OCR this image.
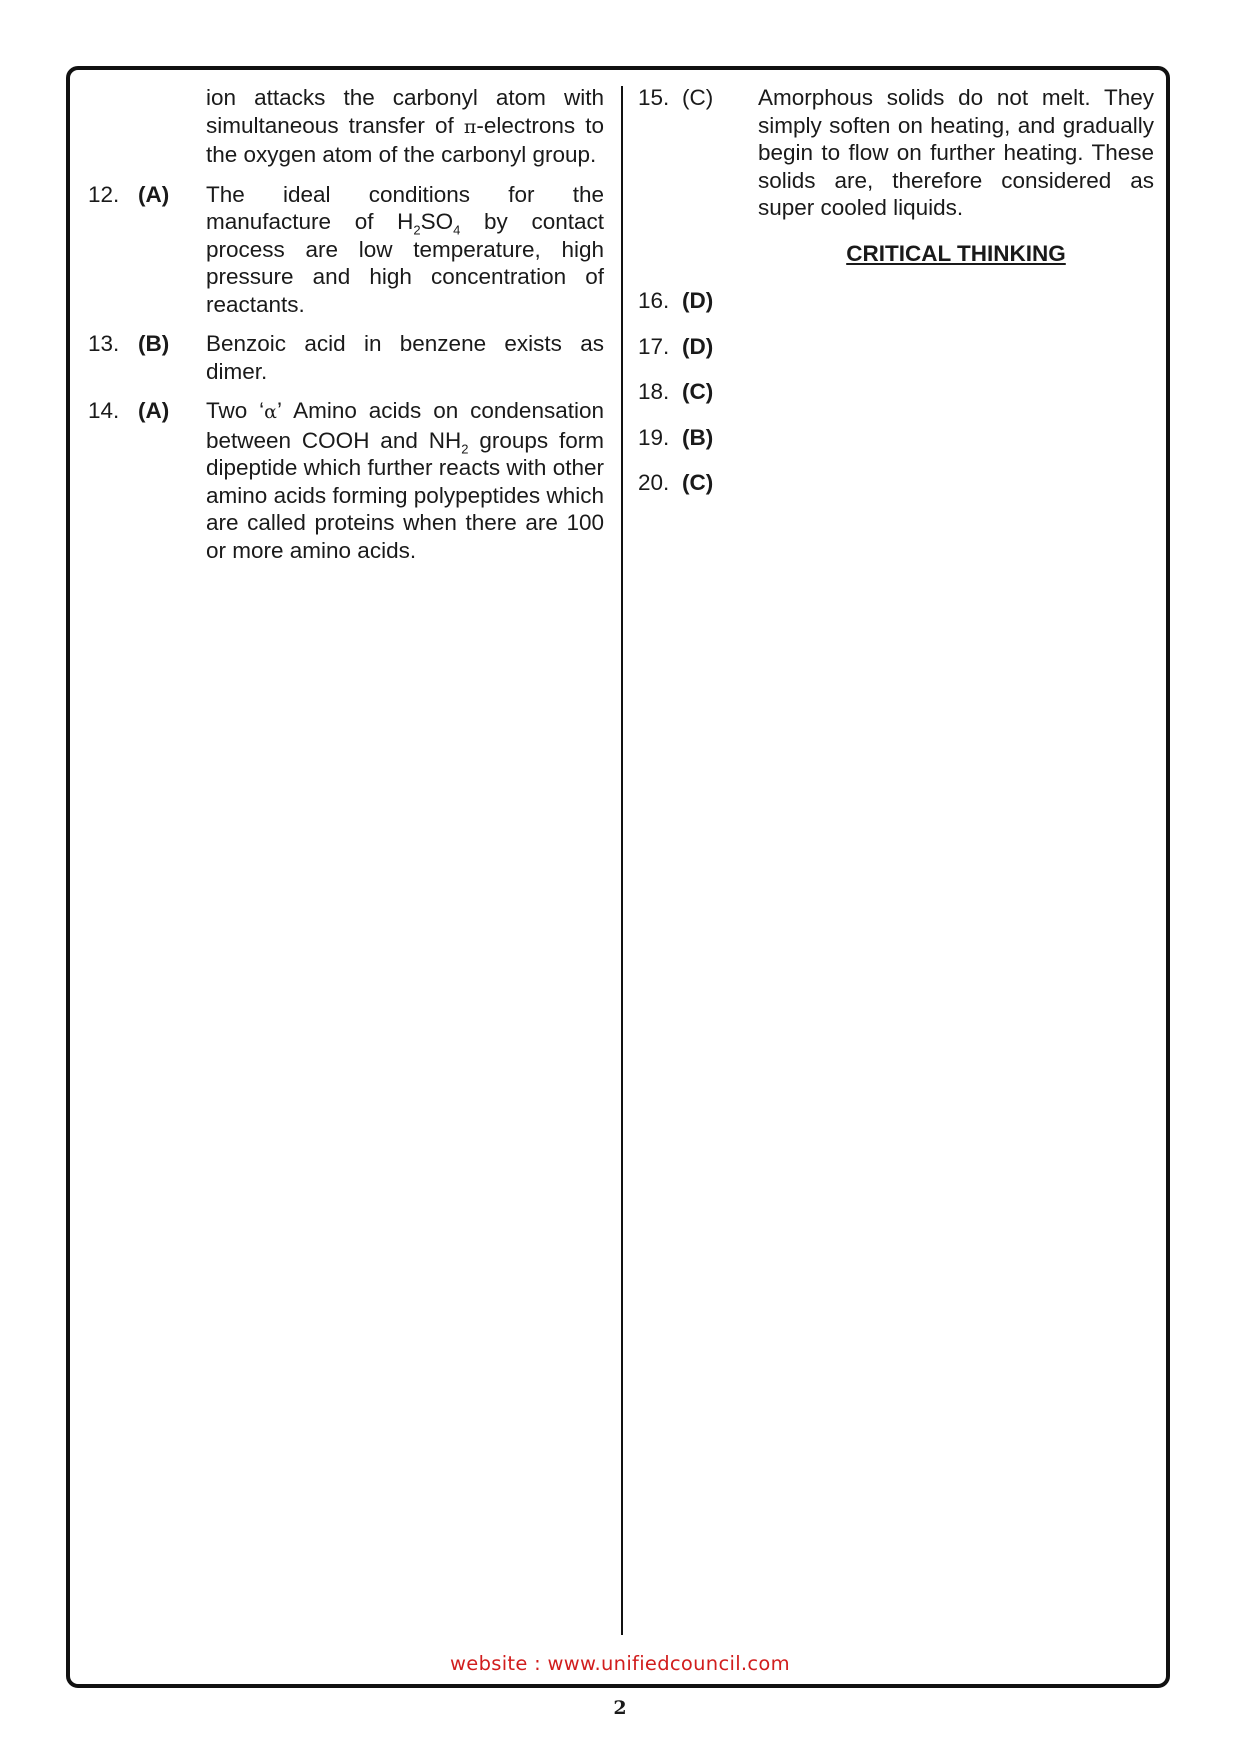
ion attacks the carbonyl atom with simultaneous transfer of π-electrons to the oxygen atom of the carbonyl group.
12. (A)	The ideal conditions for the manufacture of $H_2SO_4$ by contact process are low temperature, high pressure and high concentration of reactants.
13. (B)	Benzoic acid in benzene exists as dimer.
14. (A)	Two ‘α’ Amino acids on condensation between COOH and $NH_2$ groups form dipeptide which further reacts with other amino acids forming polypeptides which are called proteins when there are 100 or more amino acids.
15. (C)	Amorphous solids do not melt. They simply soften on heating, and gradually begin to flow on further heating. These solids are, therefore considered as super cooled liquids.
CRITICAL THINKING
16. (D)
17. (D)
18. (C)
19. (B)
20. (C)
website : www.unifiedcouncil.com
2
